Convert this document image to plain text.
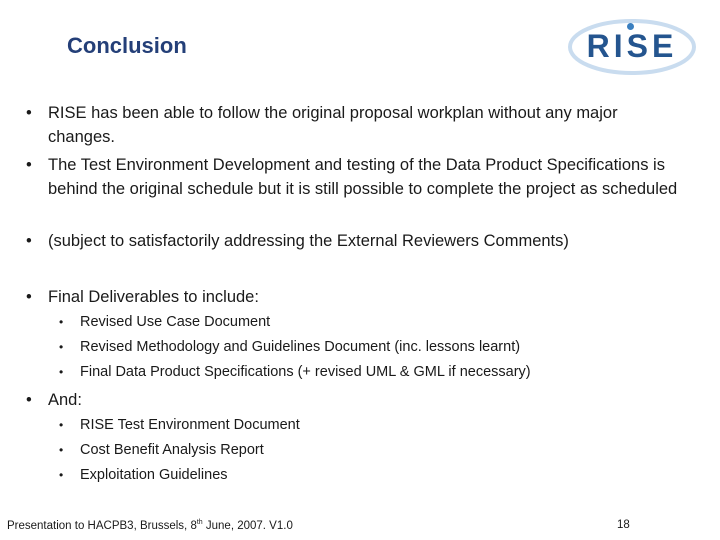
Conclusion	RISE
• RISE has been able to follow the original proposal workplan without any major changes.
• The Test Environment Development and testing of the Data Product Specifications is behind the original schedule but it is still possible to complete the project as scheduled
• (subject to satisfactorily addressing the External Reviewers Comments)
• Final Deliverables to include:
• Revised Use Case Document
• Revised Methodology and Guidelines Document (inc. lessons learnt)
• Final Data Product Specifications (+ revised UML & GML if necessary)
• And:
• RISE Test Environment Document
• Cost Benefit Analysis Report
• Exploitation Guidelines
Presentation to HACPB3, Brussels, 8th June, 2007. V1.0	18
